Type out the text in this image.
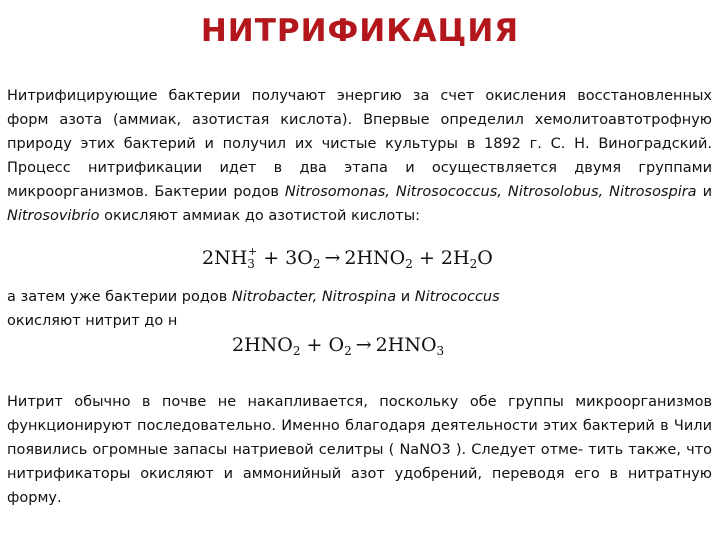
НИТРИФИКАЦИЯ

Нитрифицирующие бактерии получают энергию за счет окисления восстановленных форм азота (аммиак, азотистая кислота). Впервые определил хемолитоавтотрофную природу этих бактерий и получил их чистые культуры в 1892 г. С. Н. Виноградский. Процесс нитрификации идет в два этапа и осуществляется двумя группами микроорганизмов. Бактерии родов Nitrosomonas, Nitrosococcus, Nitrosolobus, Nitrosospira и Nitrosovibrio окисляют аммиак до азотистой кислоты:

$2NH_3^+ + 3O_2 \to 2HNO_2 + 2H_2O$

а затем уже бактерии родов Nitrobacter, Nitrospina и Nitrococcus
окисляют нитрит до н

$2HNO_2 + O_2 \to 2HNO_3$

Нитрит обычно в почве не накапливается, поскольку обе группы микроорганизмов функционируют последовательно. Именно благодаря деятельности этих бактерий в Чили появились огромные запасы натриевой селитры ( NaNO3 ). Следует отме- тить также, что нитрификаторы окисляют и аммонийный азот удобрений, переводя его в нитратную форму.
